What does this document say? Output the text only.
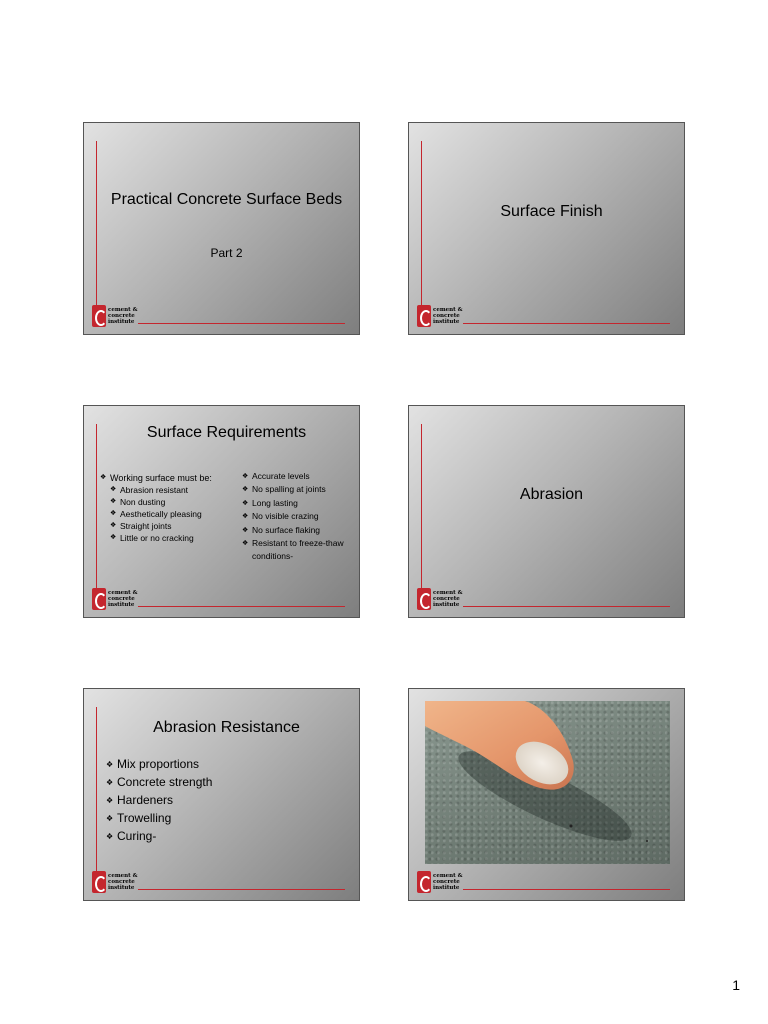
Practical Concrete Surface Beds
Part 2
cement &
concrete
institute
Surface Finish
cement &
concrete
institute
Surface Requirements
❖ Working surface must be:
❖ Abrasion resistant
❖ Non dusting
❖ Aesthetically pleasing
❖ Straight joints
❖ Little or no cracking
❖ Accurate levels
❖ No spalling at joints
❖ Long lasting
❖ No visible crazing
❖ No surface flaking
❖ Resistant to freeze-thaw conditions-
cement &
concrete
institute
Abrasion
cement &
concrete
institute
Abrasion Resistance
❖ Mix proportions
❖ Concrete strength
❖ Hardeners
❖ Trowelling
❖ Curing-
cement &
concrete
institute
cement &
concrete
institute
1
